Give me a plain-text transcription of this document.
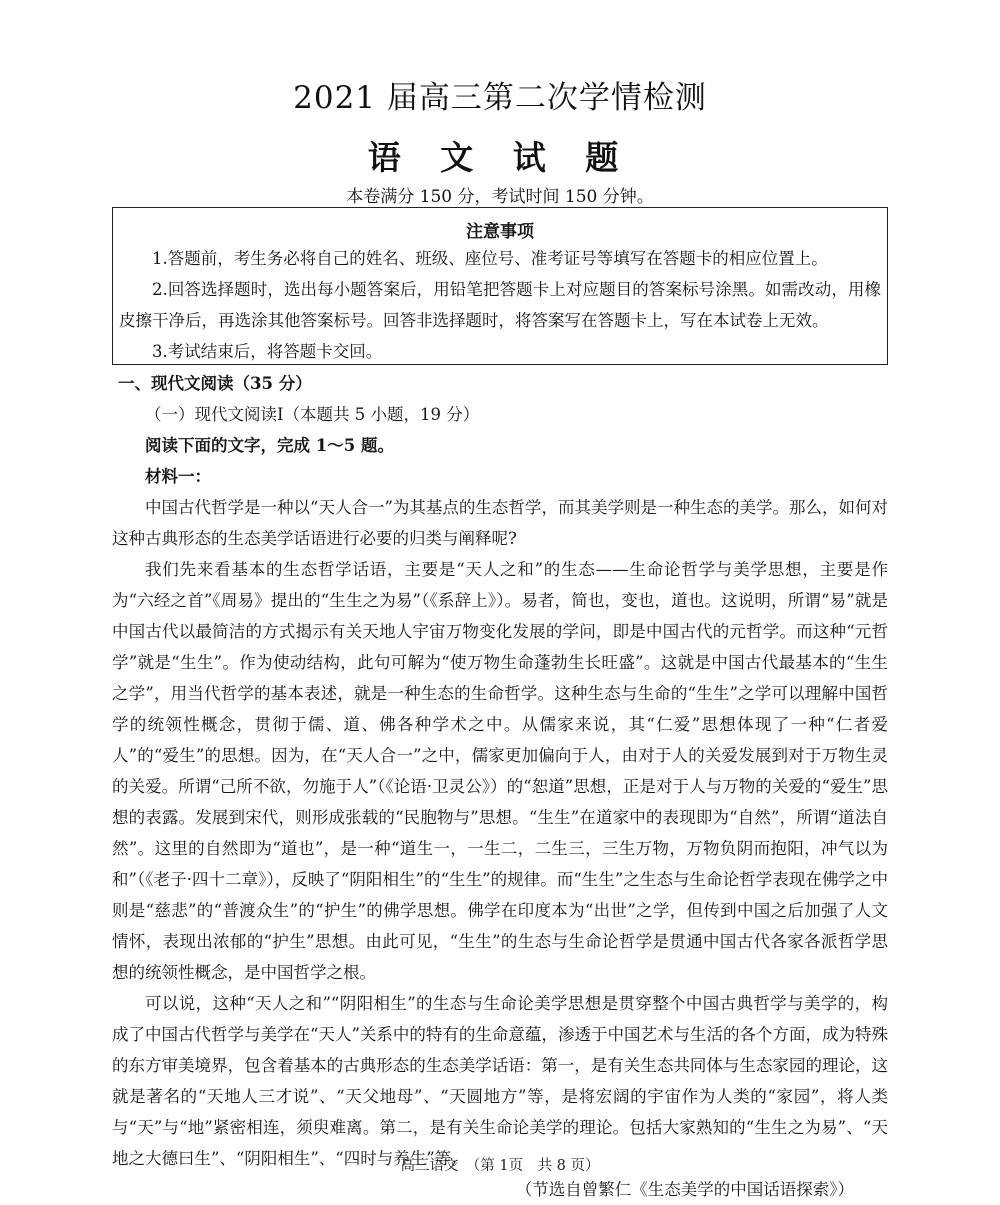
2021 届高三第二次学情检测
语 文 试 题
本卷满分 150 分，考试时间 150 分钟。
注意事项

1.答题前，考生务必将自己的姓名、班级、座位号、准考证号等填写在答题卡的相应位置上。

2.回答选择题时，选出每小题答案后，用铅笔把答题卡上对应题目的答案标号涂黑。如需改动，用橡皮擦干净后，再选涂其他答案标号。回答非选择题时，将答案写在答题卡上，写在本试卷上无效。

3.考试结束后，将答题卡交回。

一、现代文阅读（35 分）
（一）现代文阅读Ⅰ（本题共 5 小题，19 分）
阅读下面的文字，完成 1～5 题。
材料一：
中国古代哲学是一种以“天人合一”为其基点的生态哲学，而其美学则是一种生态的美学。那么，如何对这种古典形态的生态美学话语进行必要的归类与阐释呢?
我们先来看基本的生态哲学话语，主要是“天人之和”的生态——生命论哲学与美学思想，主要是作为“六经之首”《周易》提出的“生生之为易”（《系辞上》）。易者，简也，变也，道也。这说明，所谓“易”就是中国古代以最简洁的方式揭示有关天地人宇宙万物变化发展的学问，即是中国古代的元哲学。而这种“元哲学”就是“生生”。作为使动结构，此句可解为“使万物生命蓬勃生长旺盛”。这就是中国古代最基本的“生生之学”，用当代哲学的基本表述，就是一种生态的生命哲学。这种生态与生命的“生生”之学可以理解中国哲学的统领性概念，贯彻于儒、道、佛各种学术之中。从儒家来说，其“仁爱”思想体现了一种“仁者爱人”的“爱生”的思想。因为，在“天人合一”之中，儒家更加偏向于人，由对于人的关爱发展到对于万物生灵的关爱。所谓“己所不欲，勿施于人”（《论语·卫灵公》）的“恕道”思想，正是对于人与万物的关爱的“爱生”思想的表露。发展到宋代，则形成张载的“民胞物与”思想。“生生”在道家中的表现即为“自然”，所谓“道法自然”。这里的自然即为“道也”，是一种“道生一，一生二，二生三，三生万物，万物负阴而抱阳，冲气以为和”（《老子·四十二章》），反映了“阴阳相生”的“生生”的规律。而“生生”之生态与生命论哲学表现在佛学之中则是“慈悲”的“普渡众生”的“护生”的佛学思想。佛学在印度本为“出世”之学，但传到中国之后加强了人文情怀，表现出浓郁的“护生”思想。由此可见，“生生”的生态与生命论哲学是贯通中国古代各家各派哲学思想的统领性概念，是中国哲学之根。
可以说，这种“天人之和”“阴阳相生”的生态与生命论美学思想是贯穿整个中国古典哲学与美学的，构成了中国古代哲学与美学在“天人”关系中的特有的生命意蕴，渗透于中国艺术与生活的各个方面，成为特殊的东方审美境界，包含着基本的古典形态的生态美学话语：第一，是有关生态共同体与生态家园的理论，这就是著名的“天地人三才说”、“天父地母”、“天圆地方”等，是将宏阔的宇宙作为人类的“家园”，将人类与“天”与“地”紧密相连，须臾难离。第二，是有关生命论美学的理论。包括大家熟知的“生生之为易”、“天地之大德曰生”、“阴阳相生”、“四时与养生”等。
（节选自曾繁仁《生态美学的中国话语探索》）
高三语文　（第 1页　共 8 页）
